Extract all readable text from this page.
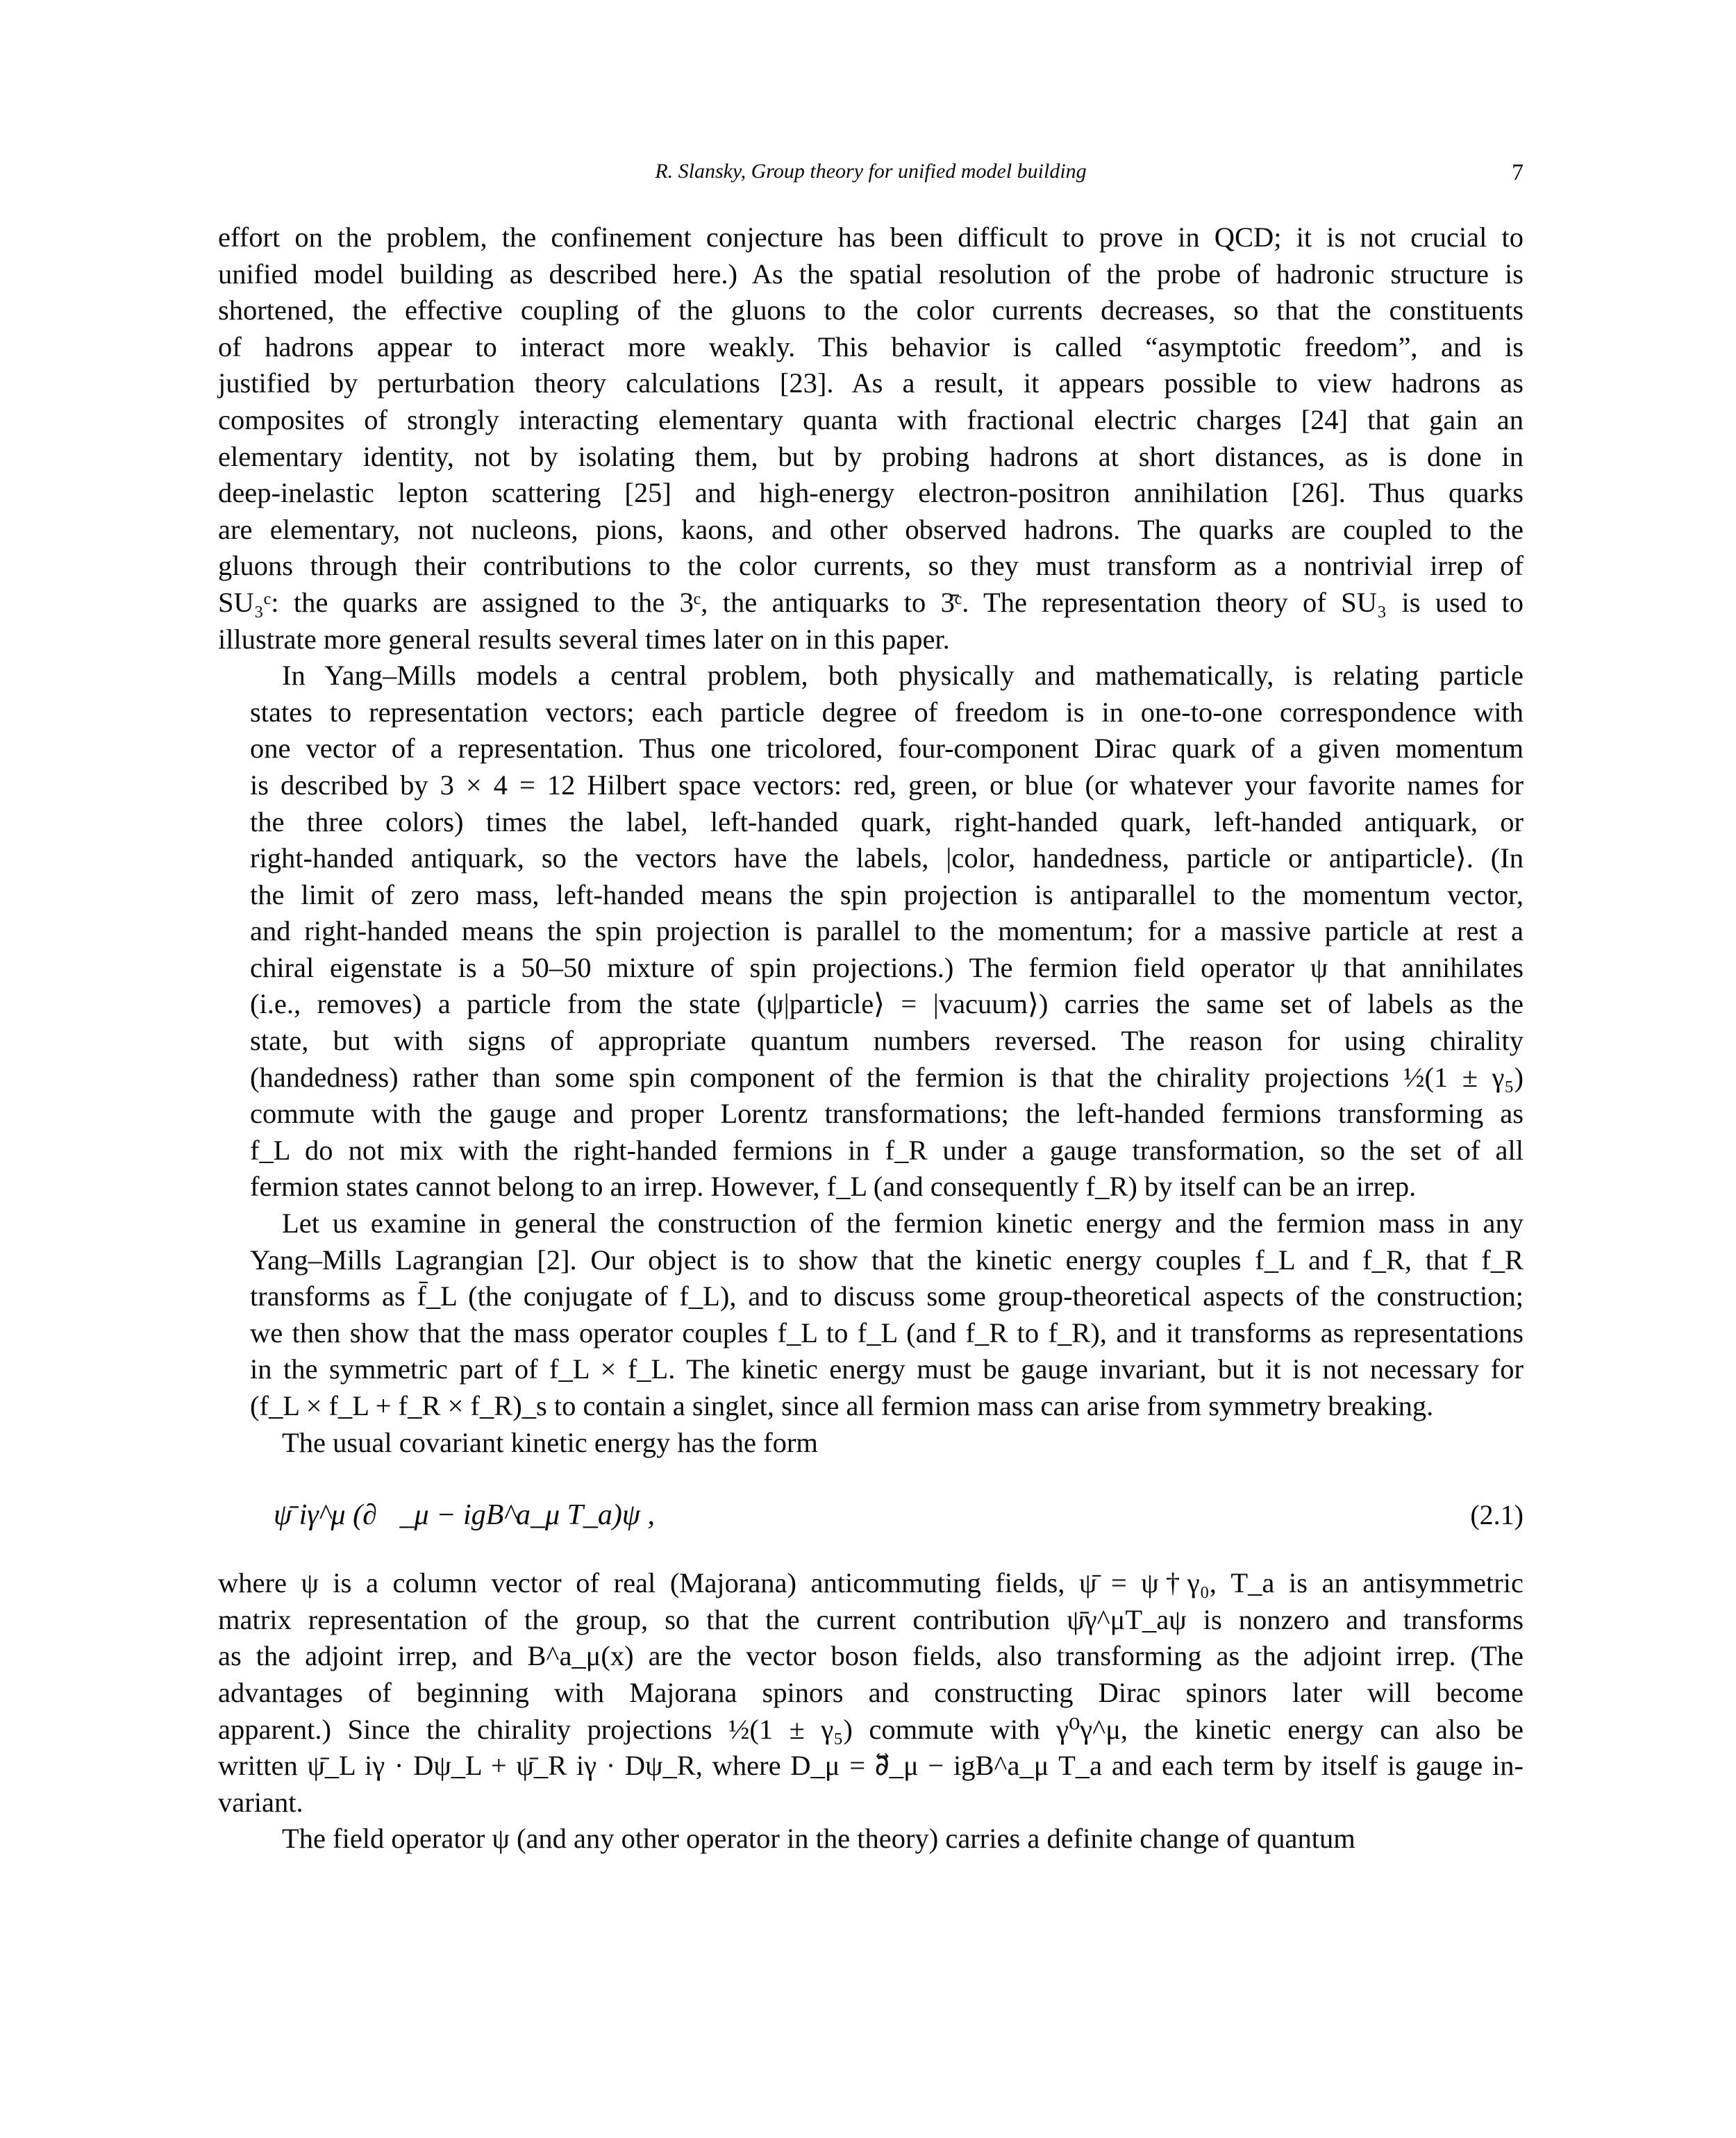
R. Slansky, Group theory for unified model building	7

effort on the problem, the confinement conjecture has been difficult to prove in QCD; it is not crucial to
unified model building as described here.) As the spatial resolution of the probe of hadronic structure is
shortened, the effective coupling of the gluons to the color currents decreases, so that the constituents
of hadrons appear to interact more weakly. This behavior is called “asymptotic freedom”, and is
justified by perturbation theory calculations [23]. As a result, it appears possible to view hadrons as
composites of strongly interacting elementary quanta with fractional electric charges [24] that gain an
elementary identity, not by isolating them, but by probing hadrons at short distances, as is done in
deep-inelastic lepton scattering [25] and high-energy electron-positron annihilation [26]. Thus quarks
are elementary, not nucleons, pions, kaons, and other observed hadrons. The quarks are coupled to the
gluons through their contributions to the color currents, so they must transform as a nontrivial irrep of
SU₃ᶜ: the quarks are assigned to the 3ᶜ, the antiquarks to 3̄ᶜ. The representation theory of SU₃ is used to
illustrate more general results several times later on in this paper.

In Yang–Mills models a central problem, both physically and mathematically, is relating particle
states to representation vectors; each particle degree of freedom is in one-to-one correspondence with
one vector of a representation. Thus one tricolored, four-component Dirac quark of a given momentum
is described by 3 × 4 = 12 Hilbert space vectors: red, green, or blue (or whatever your favorite names for
the three colors) times the label, left-handed quark, right-handed quark, left-handed antiquark, or
right-handed antiquark, so the vectors have the labels, |color, handedness, particle or antiparticle⟩. (In
the limit of zero mass, left-handed means the spin projection is antiparallel to the momentum vector,
and right-handed means the spin projection is parallel to the momentum; for a massive particle at rest a
chiral eigenstate is a 50–50 mixture of spin projections.) The fermion field operator ψ that annihilates
(i.e., removes) a particle from the state (ψ|particle⟩ = |vacuum⟩) carries the same set of labels as the
state, but with signs of appropriate quantum numbers reversed. The reason for using chirality
(handedness) rather than some spin component of the fermion is that the chirality projections ½(1 ± γ₅)
commute with the gauge and proper Lorentz transformations; the left-handed fermions transforming as
f_L do not mix with the right-handed fermions in f_R under a gauge transformation, so the set of all
fermion states cannot belong to an irrep. However, f_L (and consequently f_R) by itself can be an irrep.

Let us examine in general the construction of the fermion kinetic energy and the fermion mass in any
Yang–Mills Lagrangian [2]. Our object is to show that the kinetic energy couples f_L and f_R, that f_R
transforms as f̄_L (the conjugate of f_L), and to discuss some group-theoretical aspects of the construction;
we then show that the mass operator couples f_L to f_L (and f_R to f_R), and it transforms as representations
in the symmetric part of f_L × f_L. The kinetic energy must be gauge invariant, but it is not necessary for
(f_L × f_L + f_R × f_R)_s to contain a singlet, since all fermion mass can arise from symmetry breaking.

The usual covariant kinetic energy has the form

ψ̄ iγ^μ (∂⃡_μ − igB^a_μ T_a)ψ ,	(2.1)

where ψ is a column vector of real (Majorana) anticommuting fields, ψ̄ = ψ†γ₀, T_a is an antisymmetric
matrix representation of the group, so that the current contribution ψ̄γ^μT_aψ is nonzero and transforms
as the adjoint irrep, and B^a_μ(x) are the vector boson fields, also transforming as the adjoint irrep. (The
advantages of beginning with Majorana spinors and constructing Dirac spinors later will become
apparent.) Since the chirality projections ½(1 ± γ₅) commute with γ⁰γ^μ, the kinetic energy can also be
written ψ̄_L iγ · Dψ_L + ψ̄_R iγ · Dψ_R, where D_μ = ∂⃡_μ − igB^a_μ T_a and each term by itself is gauge in-
variant.

The field operator ψ (and any other operator in the theory) carries a definite change of quantum
